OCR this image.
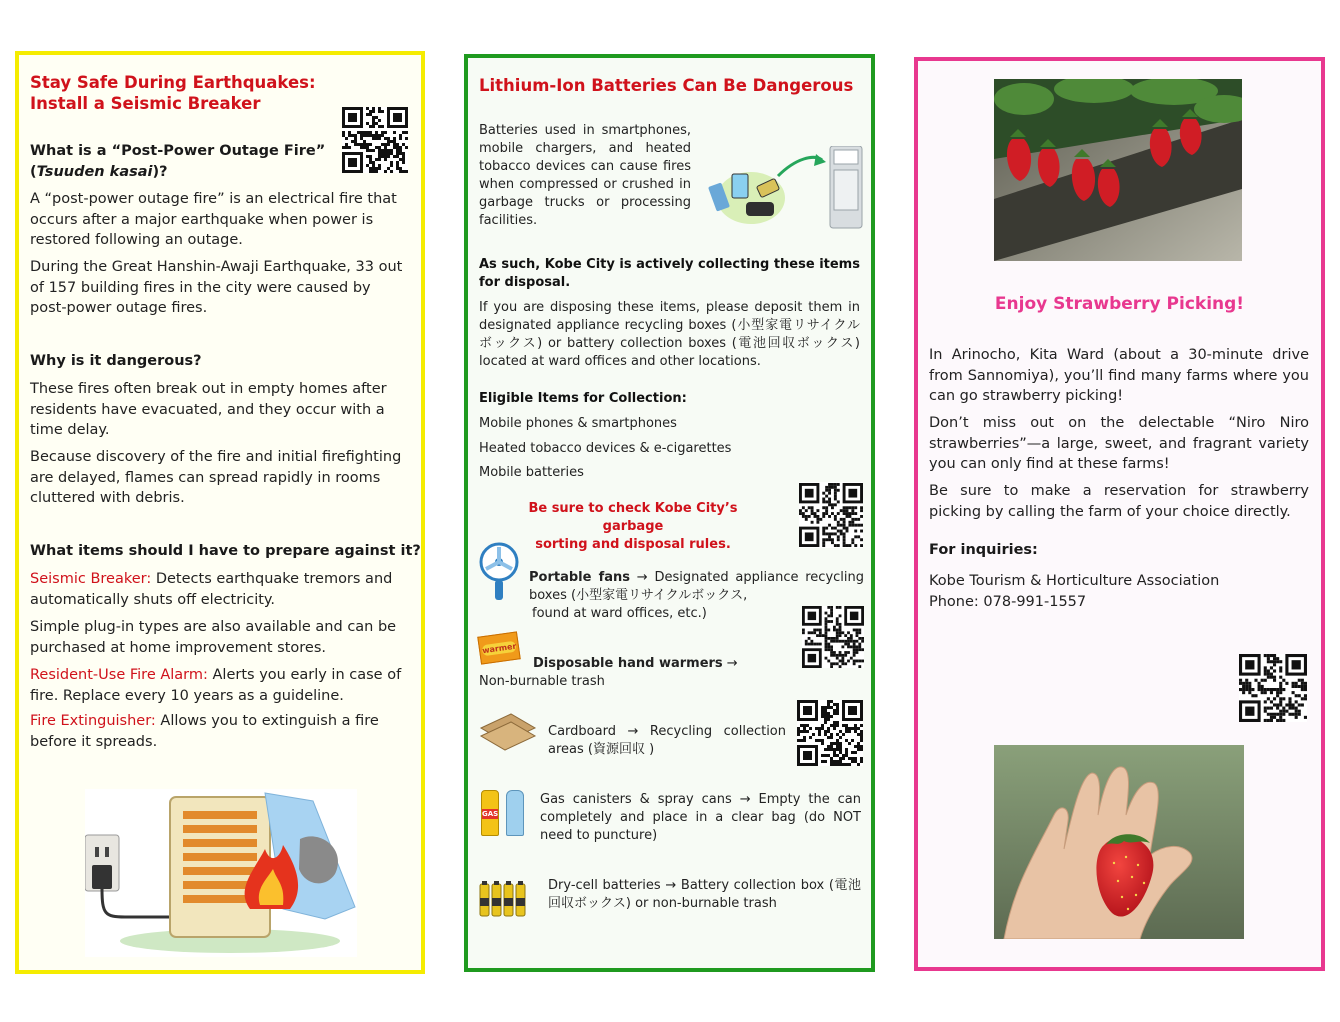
Stay Safe During Earthquakes:
Install a Seismic Breaker
What is a “Post-Power Outage Fire”
(Tsuuden kasai)?

A “post-power outage fire” is an electrical fire that occurs after a major earthquake when power is restored following an outage.

During the Great Hanshin-Awaji Earthquake, 33 out of 157 building fires in the city were caused by post-power outage fires.

Why is it dangerous?

These fires often break out in empty homes after residents have evacuated, and they occur with a time delay.

Because discovery of the fire and initial firefighting are delayed, flames can spread rapidly in rooms cluttered with debris.

What items should I have to prepare against it?

Seismic Breaker: Detects earthquake tremors and automatically shuts off electricity.

Simple plug-in types are also available and can be purchased at home improvement stores.

Resident-Use Fire Alarm: Alerts you early in case of fire. Replace every 10 years as a guideline.

Fire Extinguisher: Allows you to extinguish a fire before it spreads.

Lithium-Ion Batteries Can Be Dangerous

Batteries used in smartphones, mobile chargers, and heated tobacco devices can cause fires when compressed or crushed in garbage trucks or processing facilities.

As such, Kobe City is actively collecting these items for disposal.

If you are disposing these items, please deposit them in designated appliance recycling boxes (小型家電リサイクルボックス) or battery collection boxes (電池回収ボックス) located at ward offices and other locations.

Eligible Items for Collection:
Mobile phones & smartphones
Heated tobacco devices & e-cigarettes
Mobile batteries
Be sure to check Kobe City’s garbage
sorting and disposal rules.

Portable fans → Designated appliance recycling boxes (小型家電リサイクルボックス,

found at ward offices, etc.)
warmer
Disposable hand warmers →
Non-burnable trash

Cardboard → Recycling collection areas (資源回収 )

GAS

Gas canisters & spray cans → Empty the can completely and place in a clear bag (do NOT need to puncture)

Dry-cell batteries → Battery collection box (電池回収ボックス) or non-burnable trash

Enjoy Strawberry Picking!

In Arinocho, Kita Ward (about a 30-minute drive from Sannomiya), you’ll find many farms where you can go strawberry picking!

Don’t miss out on the delectable “Niro Niro strawberries”—a large, sweet, and fragrant variety you can only find at these farms!

Be sure to make a reservation for strawberry picking by calling the farm of your choice directly.

For inquiries:
Kobe Tourism & Horticulture Association
Phone: 078-991-1557
